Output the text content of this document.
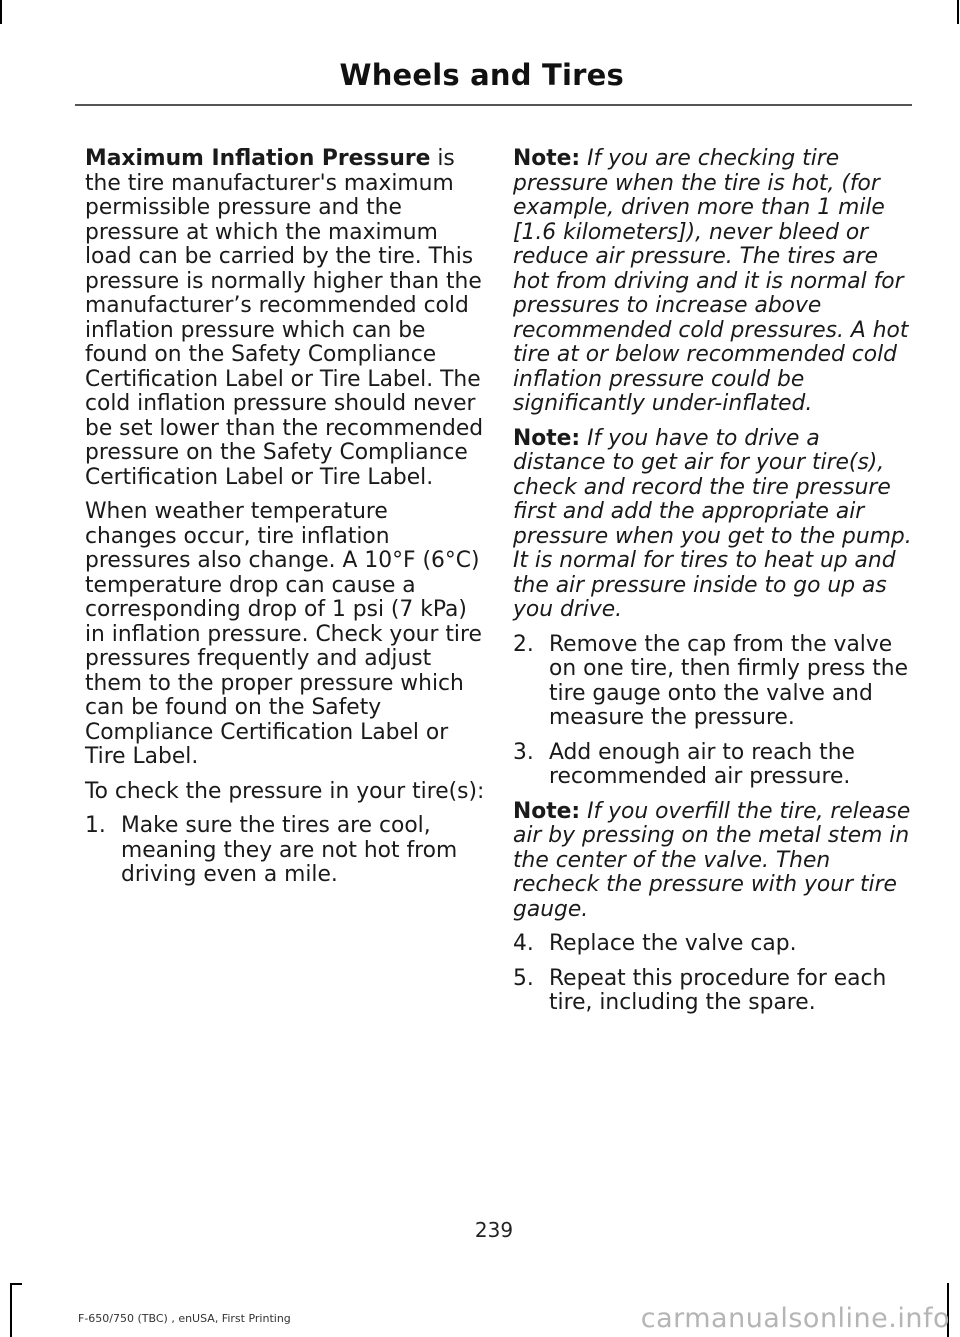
Wheels and Tires

Maximum Inflation Pressure is the tire manufacturer's maximum permissible pressure and the pressure at which the maximum load can be carried by the tire. This pressure is normally higher than the manufacturer’s recommended cold inflation pressure which can be found on the Safety Compliance Certification Label or Tire Label. The cold inflation pressure should never be set lower than the recommended pressure on the Safety Compliance Certification Label or Tire Label.

When weather temperature changes occur, tire inflation pressures also change. A 10°F (6°C) temperature drop can cause a corresponding drop of 1 psi (7 kPa) in inflation pressure. Check your tire pressures frequently and adjust them to the proper pressure which can be found on the Safety Compliance Certification Label or Tire Label.

To check the pressure in your tire(s):

1. Make sure the tires are cool, meaning they are not hot from driving even a mile.

Note: If you are checking tire pressure when the tire is hot, (for example, driven more than 1 mile [1.6 kilometers]), never bleed or reduce air pressure. The tires are hot from driving and it is normal for pressures to increase above recommended cold pressures. A hot tire at or below recommended cold inflation pressure could be significantly under-inflated.

Note: If you have to drive a distance to get air for your tire(s), check and record the tire pressure first and add the appropriate air pressure when you get to the pump. It is normal for tires to heat up and the air pressure inside to go up as you drive.

2. Remove the cap from the valve on one tire, then firmly press the tire gauge onto the valve and measure the pressure.
3. Add enough air to reach the recommended air pressure.

Note: If you overfill the tire, release air by pressing on the metal stem in the center of the valve. Then recheck the pressure with your tire gauge.

4. Replace the valve cap.
5. Repeat this procedure for each tire, including the spare.
239
F-650/750 (TBC) , enUSA, First Printing	carmanualsonline.info
